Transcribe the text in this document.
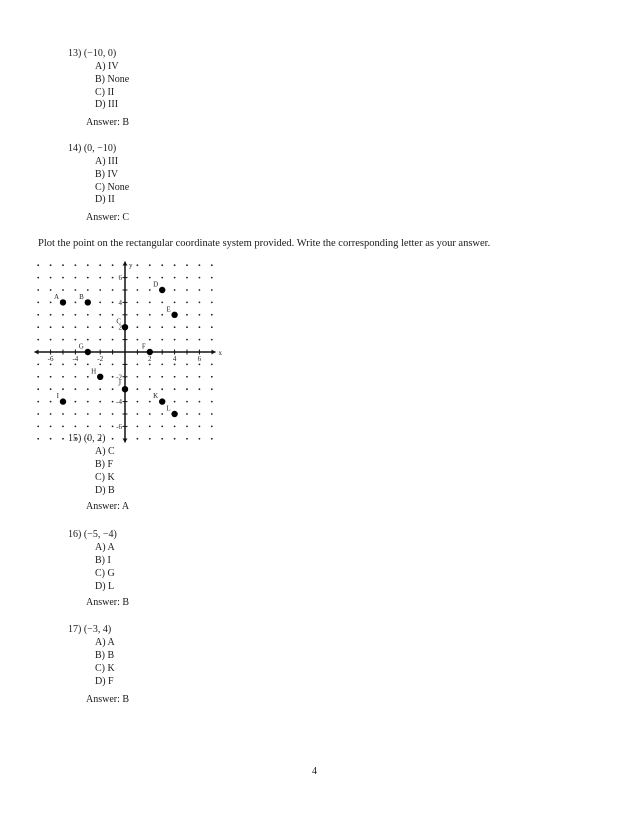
13) (−10, 0)
A) IV
B) None
C) II
D) III
Answer: B
14) (0, −10)
A) III
B) IV
C) None
D) II
Answer: C
Plot the point on the rectangular coordinate system provided. Write the corresponding letter as your answer.
-6	-4	-2	2	4	6
6
4
2
-2
-4
-6
x
y
A	B
C
D
E
F
G
H
I
J
K
L
15) (0, 2)
A) C
B) F
C) K
D) B
Answer: A
16) (−5, −4)
A) A
B) I
C) G
D) L
Answer: B
17) (−3, 4)
A) A
B) B
C) K
D) F
Answer: B
4
